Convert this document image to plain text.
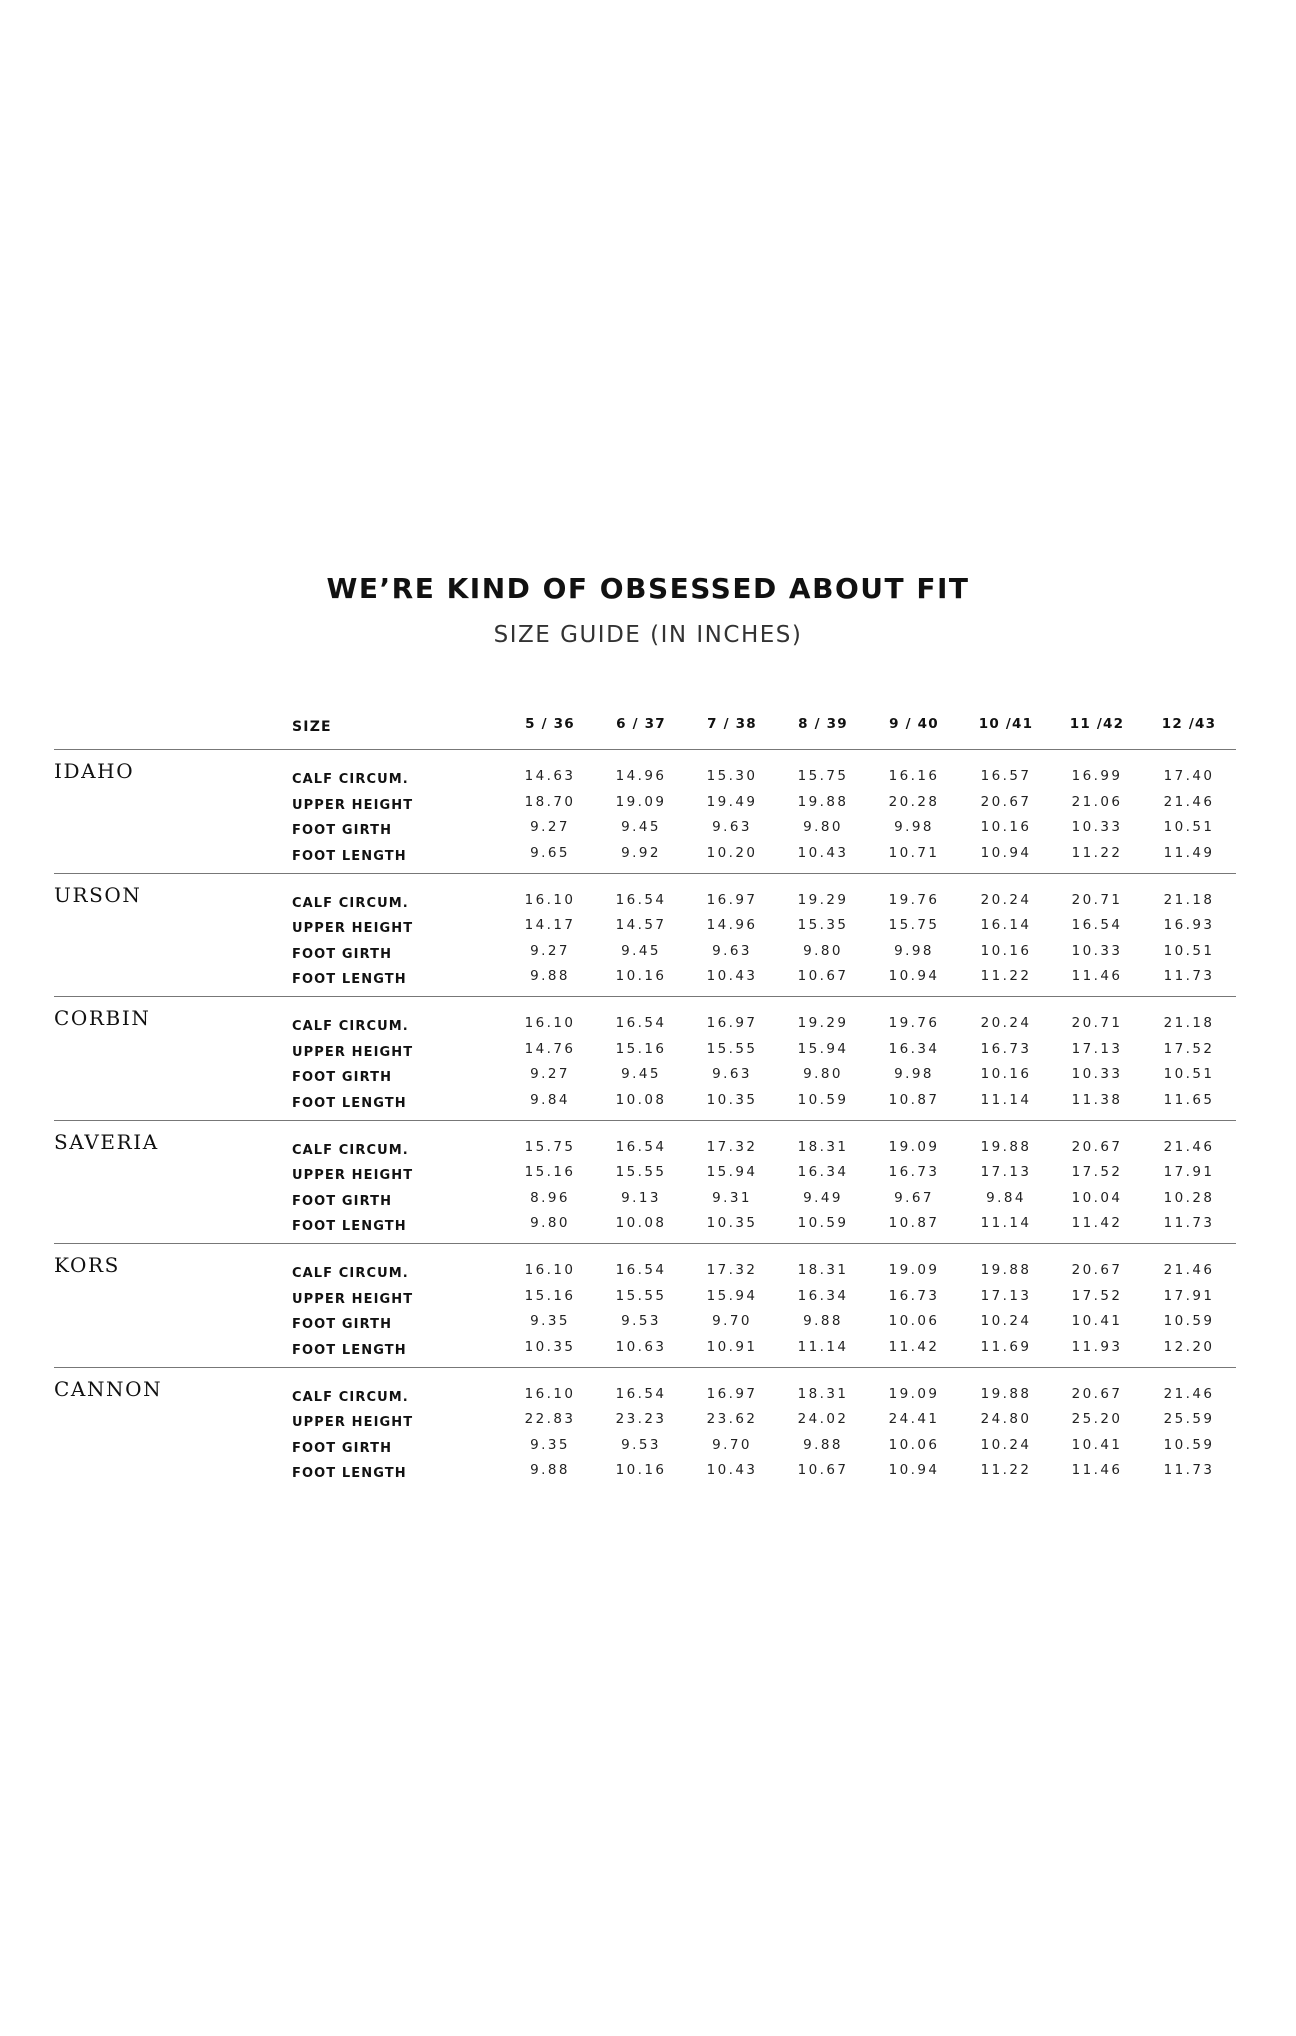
WE’RE KIND OF OBSESSED ABOUT FIT
SIZE GUIDE (IN INCHES)
SIZE	5 / 36	6 / 37	7 / 38	8 / 39	9 / 40	10 /41	11 /42	12 /43
IDAHO	CALF CIRCUM.	14.63	14.96	15.30	15.75	16.16	16.57	16.99	17.40
UPPER HEIGHT	18.70	19.09	19.49	19.88	20.28	20.67	21.06	21.46
FOOT GIRTH	9.27	9.45	9.63	9.80	9.98	10.16	10.33	10.51
FOOT LENGTH	9.65	9.92	10.20	10.43	10.71	10.94	11.22	11.49
URSON	CALF CIRCUM.	16.10	16.54	16.97	19.29	19.76	20.24	20.71	21.18
UPPER HEIGHT	14.17	14.57	14.96	15.35	15.75	16.14	16.54	16.93
FOOT GIRTH	9.27	9.45	9.63	9.80	9.98	10.16	10.33	10.51
FOOT LENGTH	9.88	10.16	10.43	10.67	10.94	11.22	11.46	11.73
CORBIN	CALF CIRCUM.	16.10	16.54	16.97	19.29	19.76	20.24	20.71	21.18
UPPER HEIGHT	14.76	15.16	15.55	15.94	16.34	16.73	17.13	17.52
FOOT GIRTH	9.27	9.45	9.63	9.80	9.98	10.16	10.33	10.51
FOOT LENGTH	9.84	10.08	10.35	10.59	10.87	11.14	11.38	11.65
SAVERIA	CALF CIRCUM.	15.75	16.54	17.32	18.31	19.09	19.88	20.67	21.46
UPPER HEIGHT	15.16	15.55	15.94	16.34	16.73	17.13	17.52	17.91
FOOT GIRTH	8.96	9.13	9.31	9.49	9.67	9.84	10.04	10.28
FOOT LENGTH	9.80	10.08	10.35	10.59	10.87	11.14	11.42	11.73
KORS	CALF CIRCUM.	16.10	16.54	17.32	18.31	19.09	19.88	20.67	21.46
UPPER HEIGHT	15.16	15.55	15.94	16.34	16.73	17.13	17.52	17.91
FOOT GIRTH	9.35	9.53	9.70	9.88	10.06	10.24	10.41	10.59
FOOT LENGTH	10.35	10.63	10.91	11.14	11.42	11.69	11.93	12.20
CANNON	CALF CIRCUM.	16.10	16.54	16.97	18.31	19.09	19.88	20.67	21.46
UPPER HEIGHT	22.83	23.23	23.62	24.02	24.41	24.80	25.20	25.59
FOOT GIRTH	9.35	9.53	9.70	9.88	10.06	10.24	10.41	10.59
FOOT LENGTH	9.88	10.16	10.43	10.67	10.94	11.22	11.46	11.73
